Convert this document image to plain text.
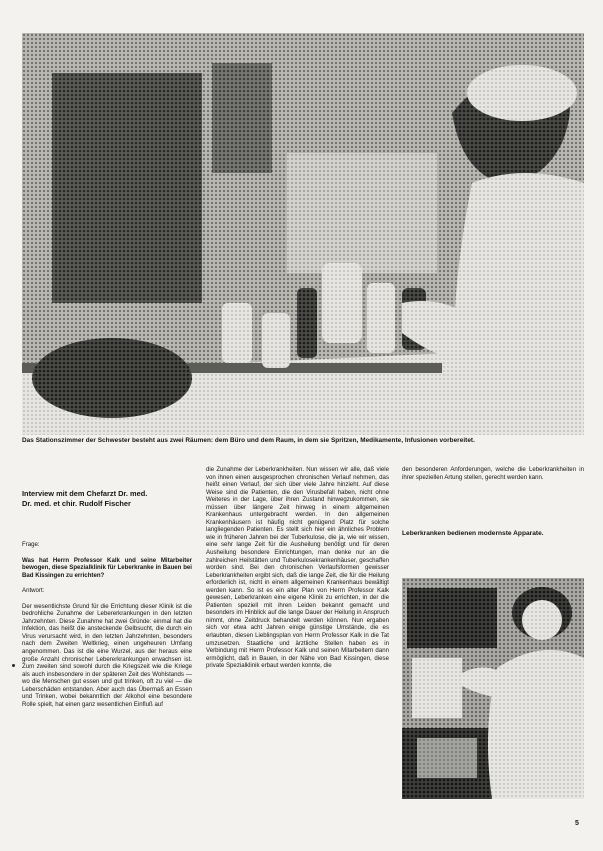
Das Stationszimmer der Schwester besteht aus zwei Räumen: dem Büro und dem Raum, in dem sie Spritzen, Medikamente, Infusionen vorbereitet.
Interview mit dem Chefarzt Dr. med.
Dr. med. et chir. Rudolf Fischer

Frage:

Was hat Herrn Professor Kalk und seine Mitarbeiter bewogen, diese Spezialklinik für Leberkranke in Bauen bei Bad Kissingen zu errichten?

Antwort:

Der wesentlichste Grund für die Errichtung dieser Klinik ist die bedrohliche Zunahme der Lebererkrankungen in den letzten Jahrzehnten. Diese Zunahme hat zwei Gründe: einmal hat die Infektion, das heißt die ansteckende Gelbsucht, die durch ein Virus verursacht wird, in den letzten Jahrzehnten, besonders nach dem Zweiten Weltkrieg, einen ungeheuren Umfang angenommen. Das ist die eine Wurzel, aus der heraus eine große Anzahl chronischer Lebererkrankungen erwachsen ist. Zum zweiten sind sowohl durch die Kriegszeit wie die Kriege als auch insbesondere in der späteren Zeit des Wohlstands — wo die Menschen gut essen und gut trinken, oft zu viel — die Leberschäden entstanden. Aber auch das Übermaß an Essen und Trinken, wobei bekanntlich der Alkohol eine besondere Rolle spielt, hat einen ganz wesentlichen Einfluß auf

die Zunahme der Leberkrankheiten. Nun wissen wir alle, daß viele von ihnen einen ausgesprochen chronischen Verlauf nehmen, das heißt einen Verlauf, der sich über viele Jahre hinzieht. Auf diese Weise sind die Patienten, die den Virusbefall haben, nicht ohne Weiteres in der Lage, über ihren Zustand hinwegzukommen, sie müssen über längere Zeit hinweg in einem allgemeinen Krankenhaus untergebracht werden. In den allgemeinen Krankenhäusern ist häufig nicht genügend Platz für solche langliegenden Patienten. Es stellt sich hier ein ähnliches Problem wie in früheren Jahren bei der Tuberkulose, die ja, wie wir wissen, eine sehr lange Zeit für die Ausheilung benötigt und für deren Ausheilung besondere Einrichtungen, man denke nur an die zahlreichen Heilstätten und Tuberkulosekrankenhäuser, geschaffen worden sind. Bei den chronischen Verlaufsformen gewisser Leberkrankheiten ergibt sich, daß die lange Zeit, die für die Heilung erforderlich ist, nicht in einem allgemeinen Krankenhaus bewältigt werden kann. So ist es ein alter Plan von Herrn Professor Kalk gewesen, Leberkranken eine eigene Klinik zu errichten, in der die Patienten speziell mit ihren Leiden bekannt gemacht und besonders im Hinblick auf die lange Dauer der Heilung in Anspruch nimmt, ohne Zeitdruck behandelt werden können. Nun ergaben sich vor etwa acht Jahren einige günstige Umstände, die es erlaubten, diesen Lieblingsplan von Herrn Professor Kalk in die Tat umzusetzen. Staatliche und ärztliche Stellen haben es in Verbindung mit Herrn Professor Kalk und seinen Mitarbeitern dann ermöglicht, daß in Bauen, in der Nähe von Bad Kissingen, diese private Spezialklinik erbaut werden konnte, die

den besonderen Anforderungen, welche die Leberkrankheiten in ihrer speziellen Artung stellen, gerecht werden kann.

Leberkranken bedienen modernste Apparate.
5
